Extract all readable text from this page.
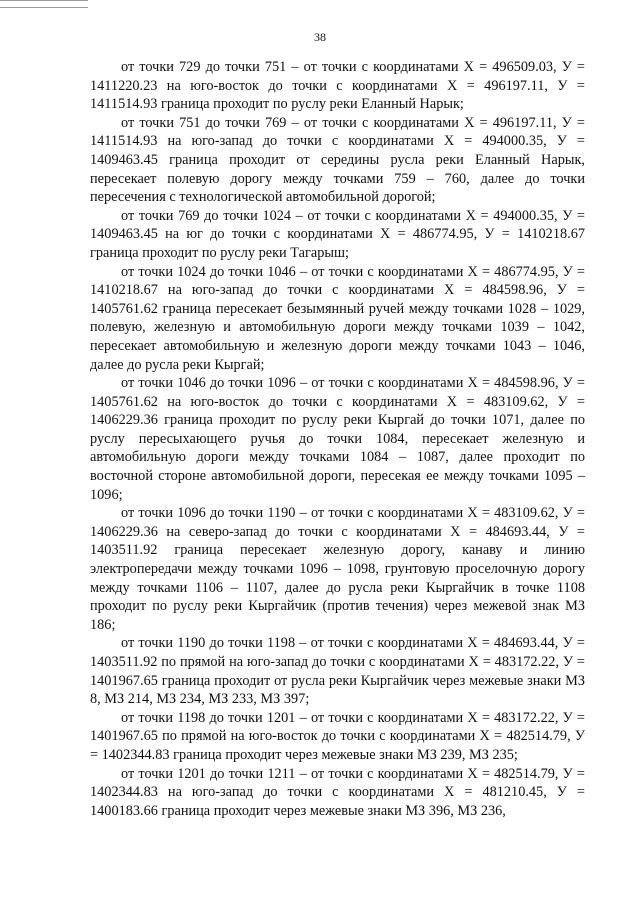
38

от точки 729 до точки 751 – от точки с координатами Х = 496509.03, У = 1411220.23 на юго-восток до точки с координатами Х = 496197.11, У = 1411514.93 граница проходит по руслу реки Еланный Нарык;

от точки 751 до точки 769 – от точки с координатами Х = 496197.11, У = 1411514.93 на юго-запад до точки с координатами Х = 494000.35, У = 1409463.45 граница проходит от середины русла реки Еланный Нарык, пересекает полевую дорогу между точками 759 – 760, далее до точки пересечения с технологической автомобильной дорогой;

от точки 769 до точки 1024 – от точки с координатами Х = 494000.35, У = 1409463.45 на юг до точки с координатами Х = 486774.95, У = 1410218.67 граница проходит по руслу реки Тагарыш;

от точки 1024 до точки 1046 – от точки с координатами Х = 486774.95, У = 1410218.67 на юго-запад до точки с координатами Х = 484598.96, У = 1405761.62 граница пересекает безымянный ручей между точками 1028 – 1029, полевую, железную и автомобильную дороги между точками 1039 – 1042, пересекает автомобильную и железную дороги между точками 1043 – 1046, далее до русла реки Кыргай;

от точки 1046 до точки 1096 – от точки с координатами Х = 484598.96, У = 1405761.62 на юго-восток до точки с координатами Х = 483109.62, У = 1406229.36 граница проходит по руслу реки Кыргай до точки 1071, далее по руслу пересыхающего ручья до точки 1084, пересекает железную и автомобильную дороги между точками 1084 – 1087, далее проходит по восточной стороне автомобильной дороги, пересекая ее между точками 1095 – 1096;

от точки 1096 до точки 1190 – от точки с координатами Х = 483109.62, У = 1406229.36 на северо-запад до точки с координатами Х = 484693.44, У = 1403511.92 граница пересекает железную дорогу, канаву и линию электропередачи между точками 1096 – 1098, грунтовую проселочную дорогу между точками 1106 – 1107, далее до русла реки Кыргайчик в точке 1108 проходит по руслу реки Кыргайчик (против течения) через межевой знак МЗ 186;

от точки 1190 до точки 1198 – от точки с координатами Х = 484693.44, У = 1403511.92 по прямой на юго-запад до точки с координатами Х = 483172.22, У = 1401967.65 граница проходит от русла реки Кыргайчик через межевые знаки МЗ 8, МЗ 214, МЗ 234, МЗ 233, МЗ 397;

от точки 1198 до точки 1201 – от точки с координатами Х = 483172.22, У = 1401967.65 по прямой на юго-восток до точки с координатами Х = 482514.79, У = 1402344.83 граница проходит через межевые знаки МЗ 239, МЗ 235;

от точки 1201 до точки 1211 – от точки с координатами Х = 482514.79, У = 1402344.83 на юго-запад до точки с координатами Х = 481210.45, У = 1400183.66 граница проходит через межевые знаки МЗ 396, МЗ 236,
